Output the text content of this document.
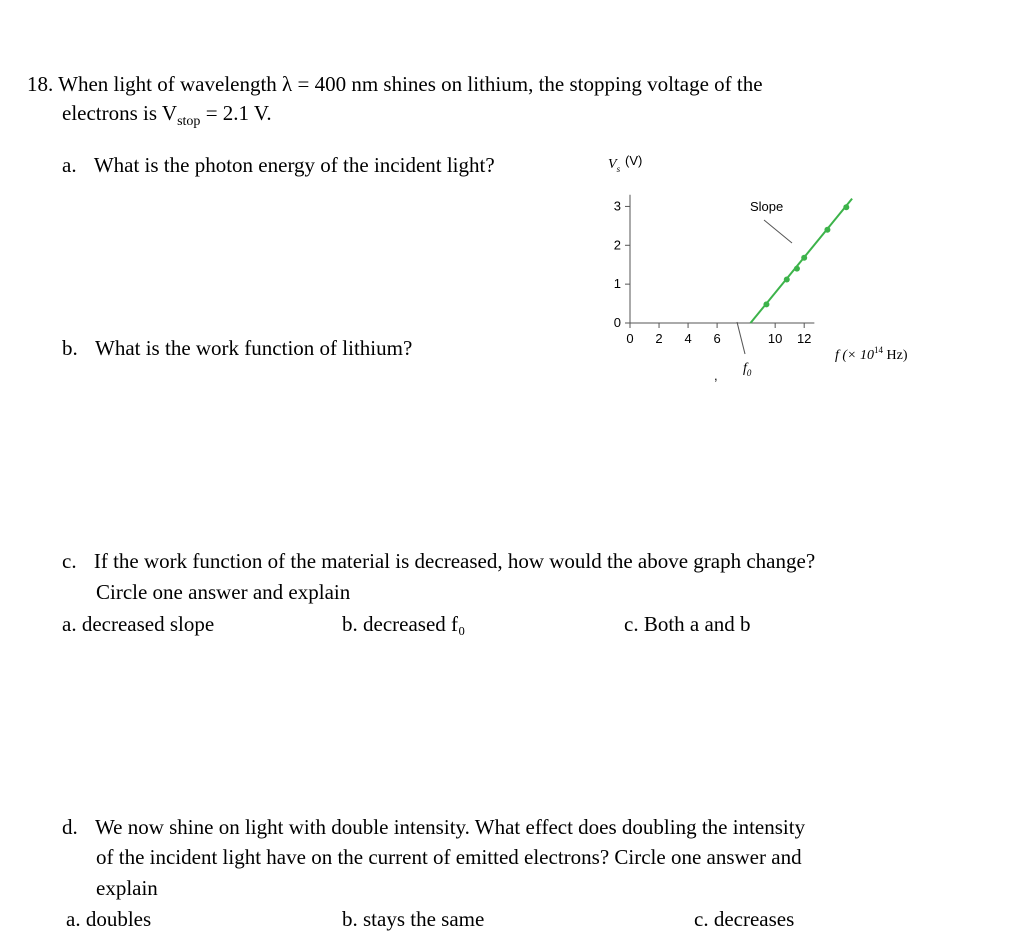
18. When light of wavelength λ = 400 nm shines on lithium, the stopping voltage of the
electrons is $V_{stop} = 2.1$ V.
a. What is the photon energy of the incident light?
b. What is the work function of lithium?
$V_s$
(V)
0
1
2
3
0 2 4 6	10 12
Slope
$f_0$
,
f (× $10^{14}$ Hz)
c. If the work function of the material is decreased, how would the above graph change?
Circle one answer and explain
a. decreased slope	b. decreased f₀	c. Both a and b
d. We now shine on light with double intensity. What effect does doubling the intensity
of the incident light have on the current of emitted electrons? Circle one answer and
explain
a. doubles	b. stays the same	c. decreases
